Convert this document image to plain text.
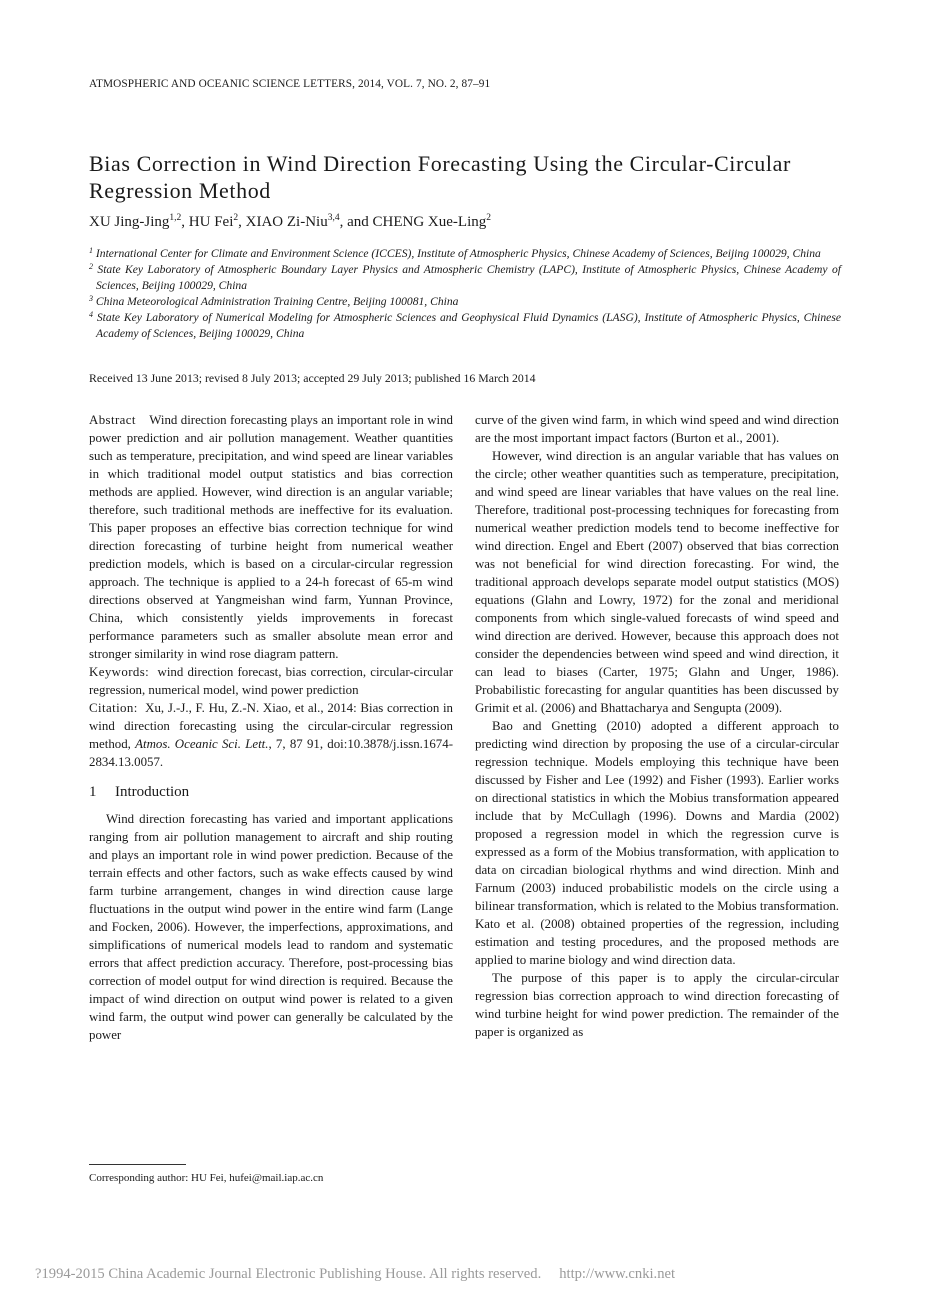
ATMOSPHERIC AND OCEANIC SCIENCE LETTERS, 2014, VOL. 7, NO. 2, 87–91
Bias Correction in Wind Direction Forecasting Using the Circular-Circular Regression Method
XU Jing-Jing$^{1,2}$, HU Fei$^2$, XIAO Zi-Niu$^{3,4}$, and CHENG Xue-Ling$^2$
$^1$ International Center for Climate and Environment Science (ICCES), Institute of Atmospheric Physics, Chinese Academy of Sciences, Beijing 100029, China
$^2$ State Key Laboratory of Atmospheric Boundary Layer Physics and Atmospheric Chemistry (LAPC), Institute of Atmospheric Physics, Chinese Academy of Sciences, Beijing 100029, China
$^3$ China Meteorological Administration Training Centre, Beijing 100081, China
$^4$ State Key Laboratory of Numerical Modeling for Atmospheric Sciences and Geophysical Fluid Dynamics (LASG), Institute of Atmospheric Physics, Chinese Academy of Sciences, Beijing 100029, China
Received 13 June 2013; revised 8 July 2013; accepted 29 July 2013; published 16 March 2014

Abstract Wind direction forecasting plays an important role in wind power prediction and air pollution management. Weather quantities such as temperature, precipitation, and wind speed are linear variables in which traditional model output statistics and bias correction methods are applied. However, wind direction is an angular variable; therefore, such traditional methods are ineffective for its evaluation. This paper proposes an effective bias correction technique for wind direction forecasting of turbine height from numerical weather prediction models, which is based on a circular-circular regression approach. The technique is applied to a 24-h forecast of 65-m wind directions observed at Yangmeishan wind farm, Yunnan Province, China, which consistently yields improvements in forecast performance parameters such as smaller absolute mean error and stronger similarity in wind rose diagram pattern.

Keywords: wind direction forecast, bias correction, circular-circular regression, numerical model, wind power prediction

Citation: Xu, J.-J., F. Hu, Z.-N. Xiao, et al., 2014: Bias correction in wind direction forecasting using the circular-circular regression method, Atmos. Oceanic Sci. Lett., 7, 87 91, doi:10.3878/j.issn.1674-2834.13.0057.

1 Introduction

Wind direction forecasting has varied and important applications ranging from air pollution management to aircraft and ship routing and plays an important role in wind power prediction. Because of the terrain effects and other factors, such as wake effects caused by wind farm turbine arrangement, changes in wind direction cause large fluctuations in the output wind power in the entire wind farm (Lange and Focken, 2006). However, the imperfections, approximations, and simplifications of numerical models lead to random and systematic errors that affect prediction accuracy. Therefore, post-processing bias correction of model output for wind direction is required. Because the impact of wind direction on output wind power is related to a given wind farm, the output wind power can generally be calculated by the power

curve of the given wind farm, in which wind speed and wind direction are the most important impact factors (Burton et al., 2001).

However, wind direction is an angular variable that has values on the circle; other weather quantities such as temperature, precipitation, and wind speed are linear variables that have values on the real line. Therefore, traditional post-processing techniques for forecasting from numerical weather prediction models tend to become ineffective for wind direction. Engel and Ebert (2007) observed that bias correction was not beneficial for wind direction forecasting. For wind, the traditional approach develops separate model output statistics (MOS) equations (Glahn and Lowry, 1972) for the zonal and meridional components from which single-valued forecasts of wind speed and wind direction are derived. However, because this approach does not consider the dependencies between wind speed and wind direction, it can lead to biases (Carter, 1975; Glahn and Unger, 1986). Probabilistic forecasting for angular quantities has been discussed by Grimit et al. (2006) and Bhattacharya and Sengupta (2009).

Bao and Gnetting (2010) adopted a different approach to predicting wind direction by proposing the use of a circular-circular regression technique. Models employing this technique have been discussed by Fisher and Lee (1992) and Fisher (1993). Earlier works on directional statistics in which the Mobius transformation appeared include that by McCullagh (1996). Downs and Mardia (2002) proposed a regression model in which the regression curve is expressed as a form of the Mobius transformation, with application to data on circadian biological rhythms and wind direction. Minh and Farnum (2003) induced probabilistic models on the circle using a bilinear transformation, which is related to the Mobius transformation. Kato et al. (2008) obtained properties of the regression, including estimation and testing procedures, and the proposed methods are applied to marine biology and wind direction data.

The purpose of this paper is to apply the circular-circular regression bias correction approach to wind direction forecasting of wind turbine height for wind power prediction. The remainder of the paper is organized as

Corresponding author: HU Fei, hufei@mail.iap.ac.cn
?1994-2015 China Academic Journal Electronic Publishing House. All rights reserved. http://www.cnki.net
